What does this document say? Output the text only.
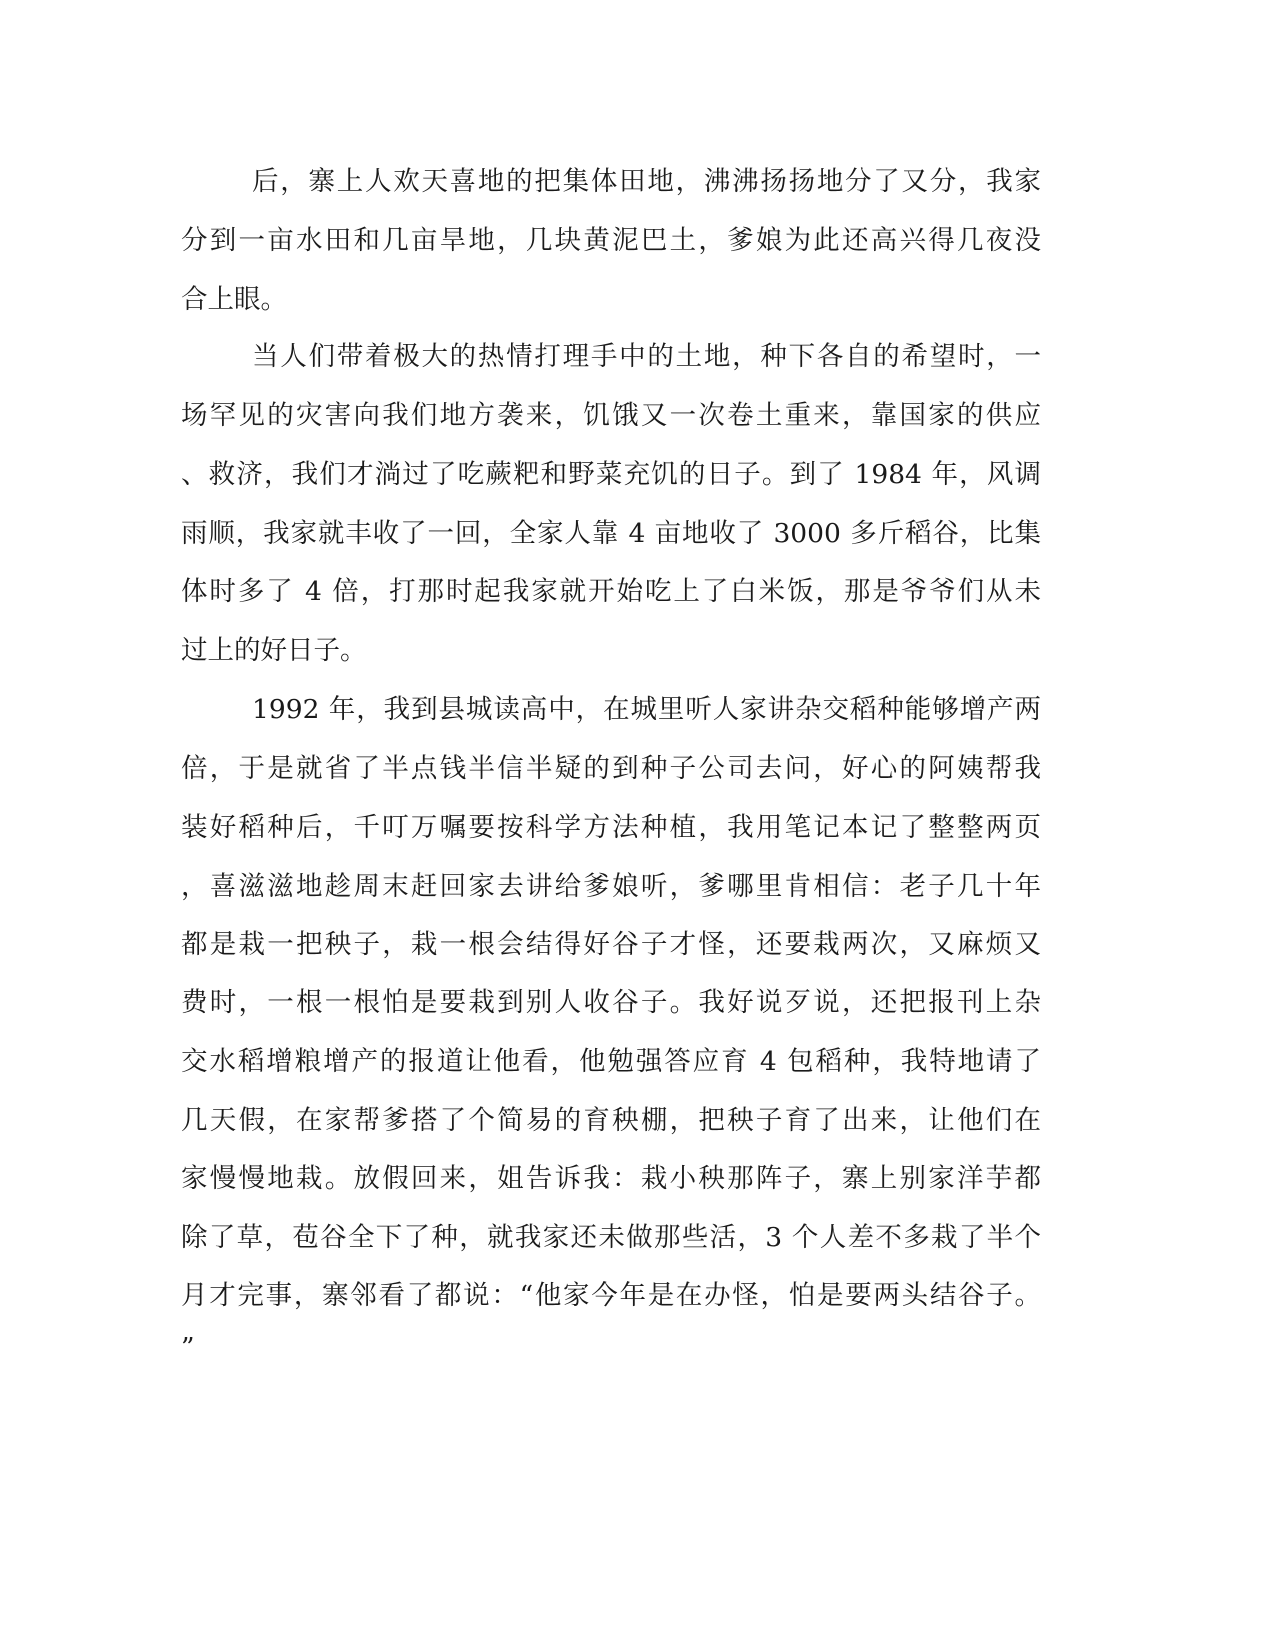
后，寨上人欢天喜地的把集体田地，沸沸扬扬地分了又分，我家
分到一亩水田和几亩旱地，几块黄泥巴土，爹娘为此还高兴得几夜没
合上眼。
当人们带着极大的热情打理手中的土地，种下各自的希望时，一
场罕见的灾害向我们地方袭来，饥饿又一次卷土重来，靠国家的供应
、救济，我们才淌过了吃蕨粑和野菜充饥的日子。到了 1984 年，风调
雨顺，我家就丰收了一回，全家人靠 4 亩地收了 3000 多斤稻谷，比集
体时多了 4 倍，打那时起我家就开始吃上了白米饭，那是爷爷们从未
过上的好日子。
1992 年，我到县城读高中，在城里听人家讲杂交稻种能够增产两
倍，于是就省了半点钱半信半疑的到种子公司去问，好心的阿姨帮我
装好稻种后，千叮万嘱要按科学方法种植，我用笔记本记了整整两页
，喜滋滋地趁周末赶回家去讲给爹娘听，爹哪里肯相信：老子几十年
都是栽一把秧子，栽一根会结得好谷子才怪，还要栽两次，又麻烦又
费时，一根一根怕是要栽到别人收谷子。我好说歹说，还把报刊上杂
交水稻增粮增产的报道让他看，他勉强答应育 4 包稻种，我特地请了
几天假，在家帮爹搭了个简易的育秧棚，把秧子育了出来，让他们在
家慢慢地栽。放假回来，姐告诉我：栽小秧那阵子，寨上别家洋芋都
除了草，苞谷全下了种，就我家还未做那些活，3 个人差不多栽了半个
月才完事，寨邻看了都说：“他家今年是在办怪，怕是要两头结谷子。
”
